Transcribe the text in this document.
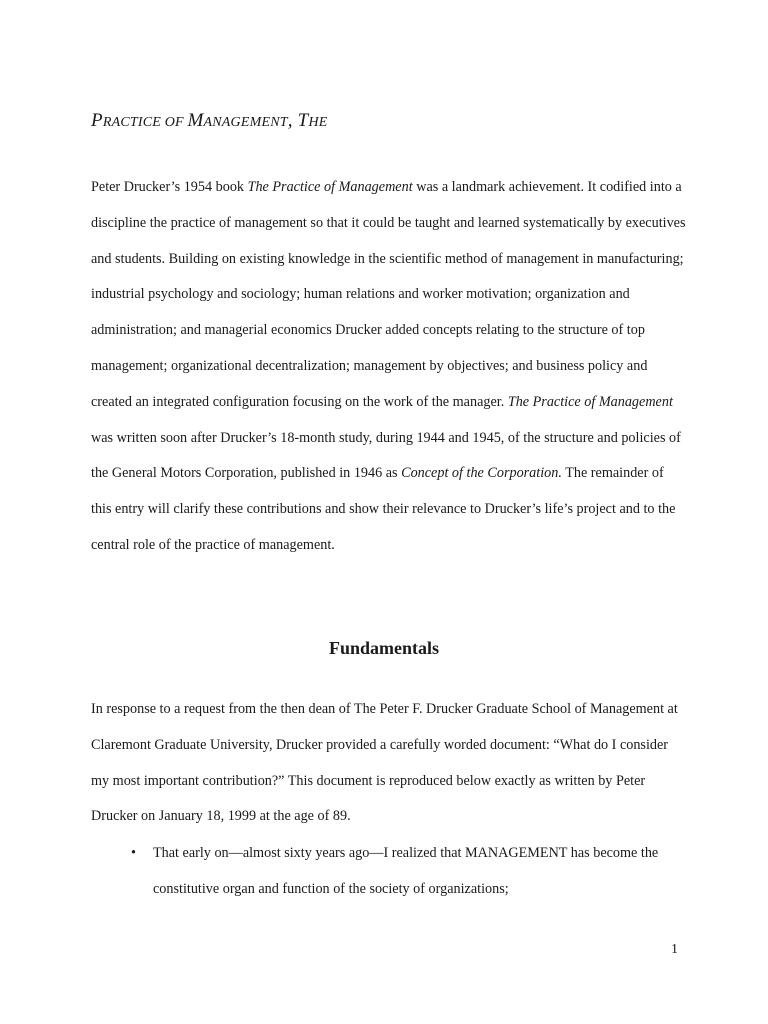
PRACTICE OF MANAGEMENT, THE

Peter Drucker’s 1954 book The Practice of Management was a landmark achievement. It codified into a discipline the practice of management so that it could be taught and learned systematically by executives and students. Building on existing knowledge in the scientific method of management in manufacturing; industrial psychology and sociology; human relations and worker motivation; organization and administration; and managerial economics Drucker added concepts relating to the structure of top management; organizational decentralization; management by objectives; and business policy and created an integrated configuration focusing on the work of the manager. The Practice of Management was written soon after Drucker’s 18-month study, during 1944 and 1945, of the structure and policies of the General Motors Corporation, published in 1946 as Concept of the Corporation. The remainder of this entry will clarify these contributions and show their relevance to Drucker’s life’s project and to the central role of the practice of management.

Fundamentals

In response to a request from the then dean of The Peter F. Drucker Graduate School of Management at Claremont Graduate University, Drucker provided a carefully worded document: “What do I consider my most important contribution?” This document is reproduced below exactly as written by Peter Drucker on January 18, 1999 at the age of 89.

• That early on—almost sixty years ago—I realized that MANAGEMENT has become the constitutive organ and function of the society of organizations;
1
